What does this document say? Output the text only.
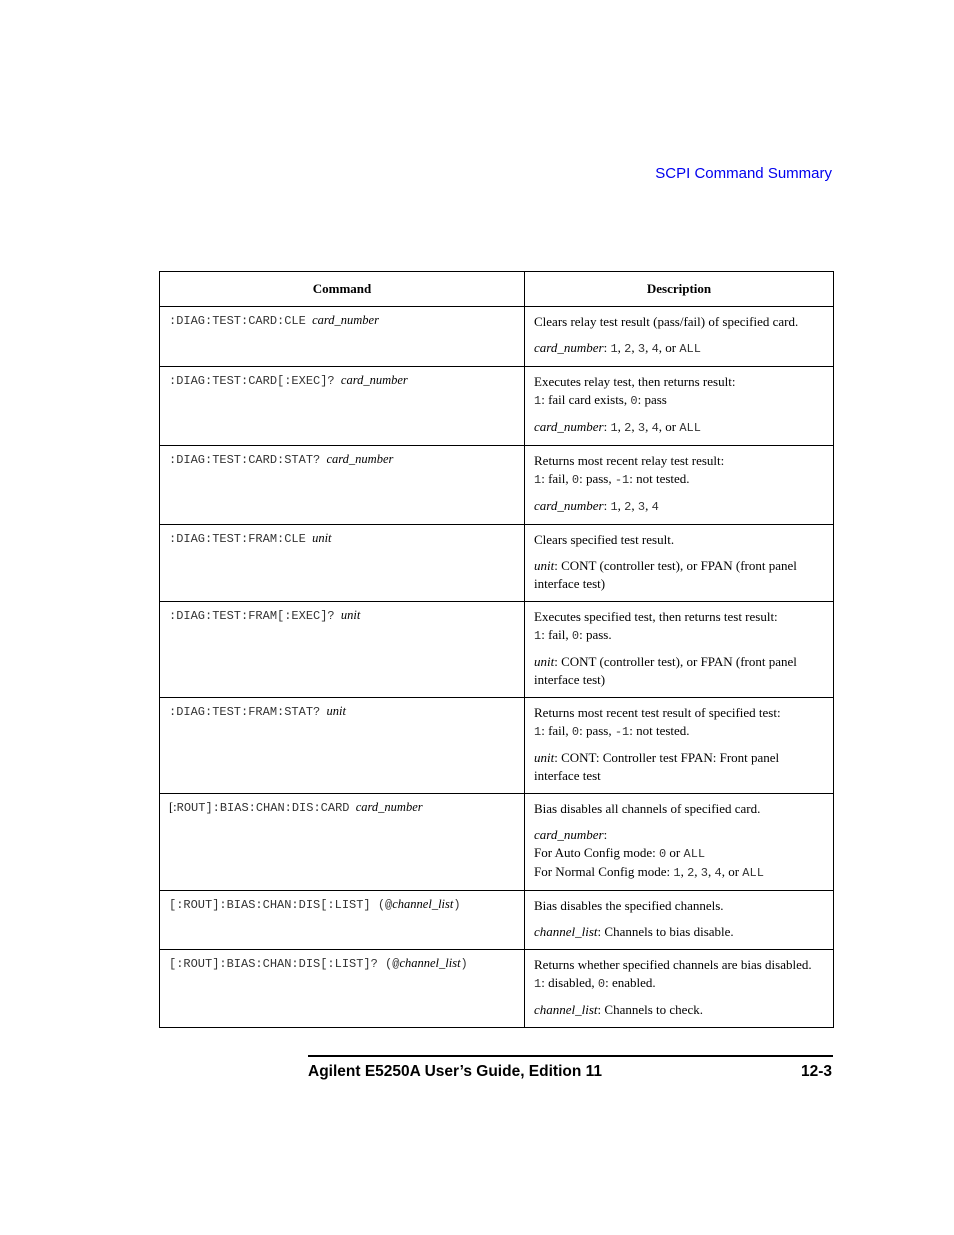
SCPI Command Summary
Command	Description
:DIAG:TEST:CARD:CLE card_number	Clears relay test result (pass/fail) of specified card.

card_number: 1, 2, 3, 4, or ALL

:DIAG:TEST:CARD[:EXEC]? card_number	Executes relay test, then returns result:
1: fail card exists, 0: pass

card_number: 1, 2, 3, 4, or ALL

:DIAG:TEST:CARD:STAT? card_number	Returns most recent relay test result:
1: fail, 0: pass, -1: not tested.

card_number: 1, 2, 3, 4

:DIAG:TEST:FRAM:CLE unit	Clears specified test result.

unit: CONT (controller test), or FPAN (front panel interface test)

:DIAG:TEST:FRAM[:EXEC]? unit	Executes specified test, then returns test result:
1: fail, 0: pass.

unit: CONT (controller test), or FPAN (front panel interface test)

:DIAG:TEST:FRAM:STAT? unit	Returns most recent test result of specified test:
1: fail, 0: pass, -1: not tested.

unit: CONT: Controller test FPAN: Front panel interface test

[:ROUT]:BIAS:CHAN:DIS:CARD card_number	Bias disables all channels of specified card.

card_number:
For Auto Config mode: 0 or ALL
For Normal Config mode: 1, 2, 3, 4, or ALL

[:ROUT]:BIAS:CHAN:DIS[:LIST] (@channel_list)	Bias disables the specified channels.

channel_list: Channels to bias disable.

[:ROUT]:BIAS:CHAN:DIS[:LIST]? (@channel_list)	Returns whether specified channels are bias disabled. 1: disabled, 0: enabled.

channel_list: Channels to check.

Agilent E5250A User’s Guide, Edition 11	12-3
